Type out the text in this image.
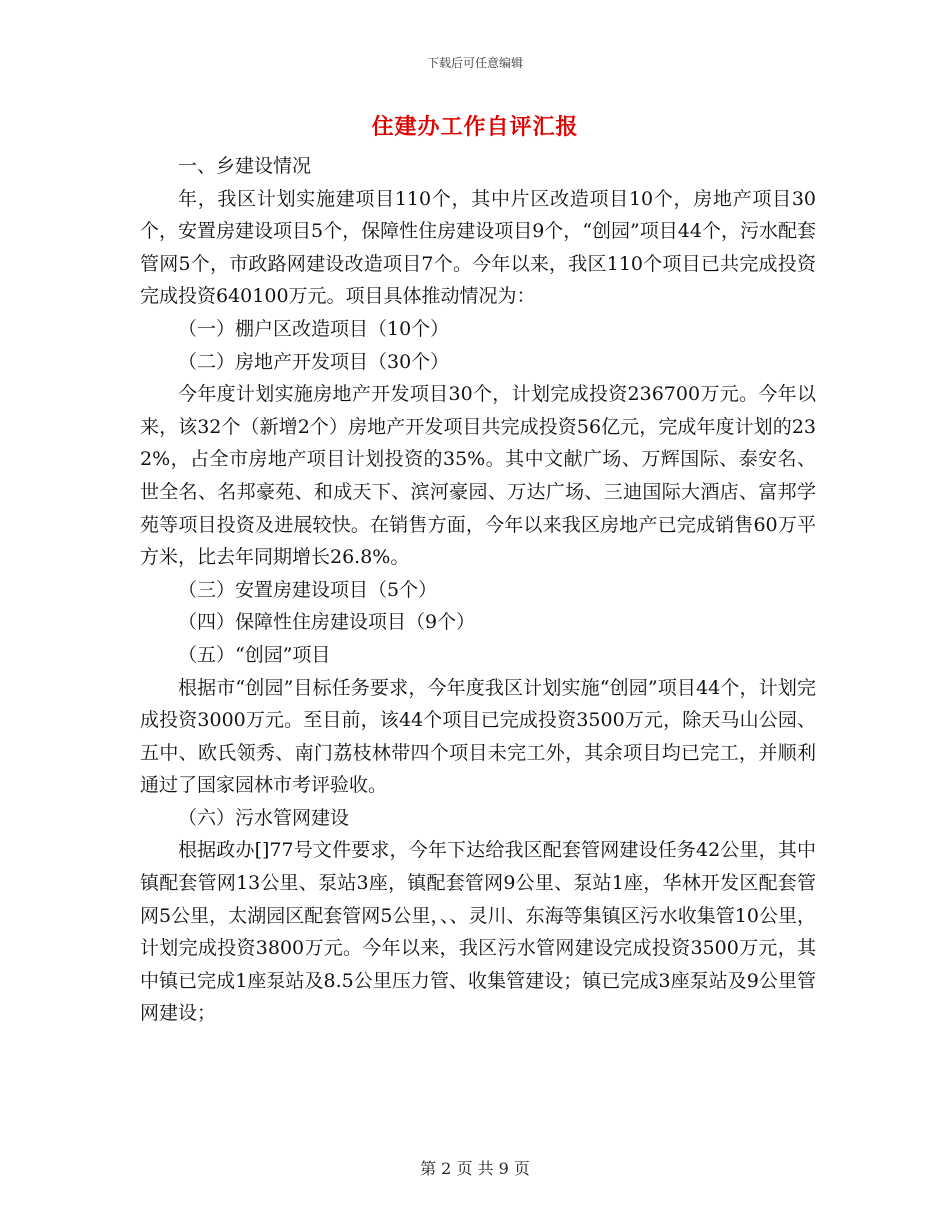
下载后可任意编辑
住建办工作自评汇报

一、乡建设情况

年，我区计划实施建项目110个，其中片区改造项目10个，房地产项目30个，安置房建设项目5个，保障性住房建设项目9个，“创园”项目44个，污水配套管网5个，市政路网建设改造项目7个。今年以来，我区110个项目已共完成投资完成投资640100万元。项目具体推动情况为：

（一）棚户区改造项目（10个）

（二）房地产开发项目（30个）

今年度计划实施房地产开发项目30个，计划完成投资236700万元。今年以来，该32个（新增2个）房地产开发项目共完成投资56亿元，完成年度计划的232%，占全市房地产项目计划投资的35%。其中文献广场、万辉国际、泰安名、世全名、名邦豪苑、和成天下、滨河豪园、万达广场、三迪国际大酒店、富邦学苑等项目投资及进展较快。在销售方面，今年以来我区房地产已完成销售60万平方米，比去年同期增长26.8%。

（三）安置房建设项目（5个）

（四）保障性住房建设项目（9个）

（五）“创园”项目

根据市“创园”目标任务要求，今年度我区计划实施“创园”项目44个，计划完成投资3000万元。至目前，该44个项目已完成投资3500万元，除天马山公园、五中、欧氏领秀、南门荔枝林带四个项目未完工外，其余项目均已完工，并顺利通过了国家园林市考评验收。

（六）污水管网建设

根据政办[]77号文件要求，今年下达给我区配套管网建设任务42公里，其中镇配套管网13公里、泵站3座，镇配套管网9公里、泵站1座，华林开发区配套管网5公里，太湖园区配套管网5公里，、、灵川、东海等集镇区污水收集管10公里，计划完成投资3800万元。今年以来，我区污水管网建设完成投资3500万元，其中镇已完成1座泵站及8.5公里压力管、收集管建设；镇已完成3座泵站及9公里管网建设；

第 2 页 共 9 页
